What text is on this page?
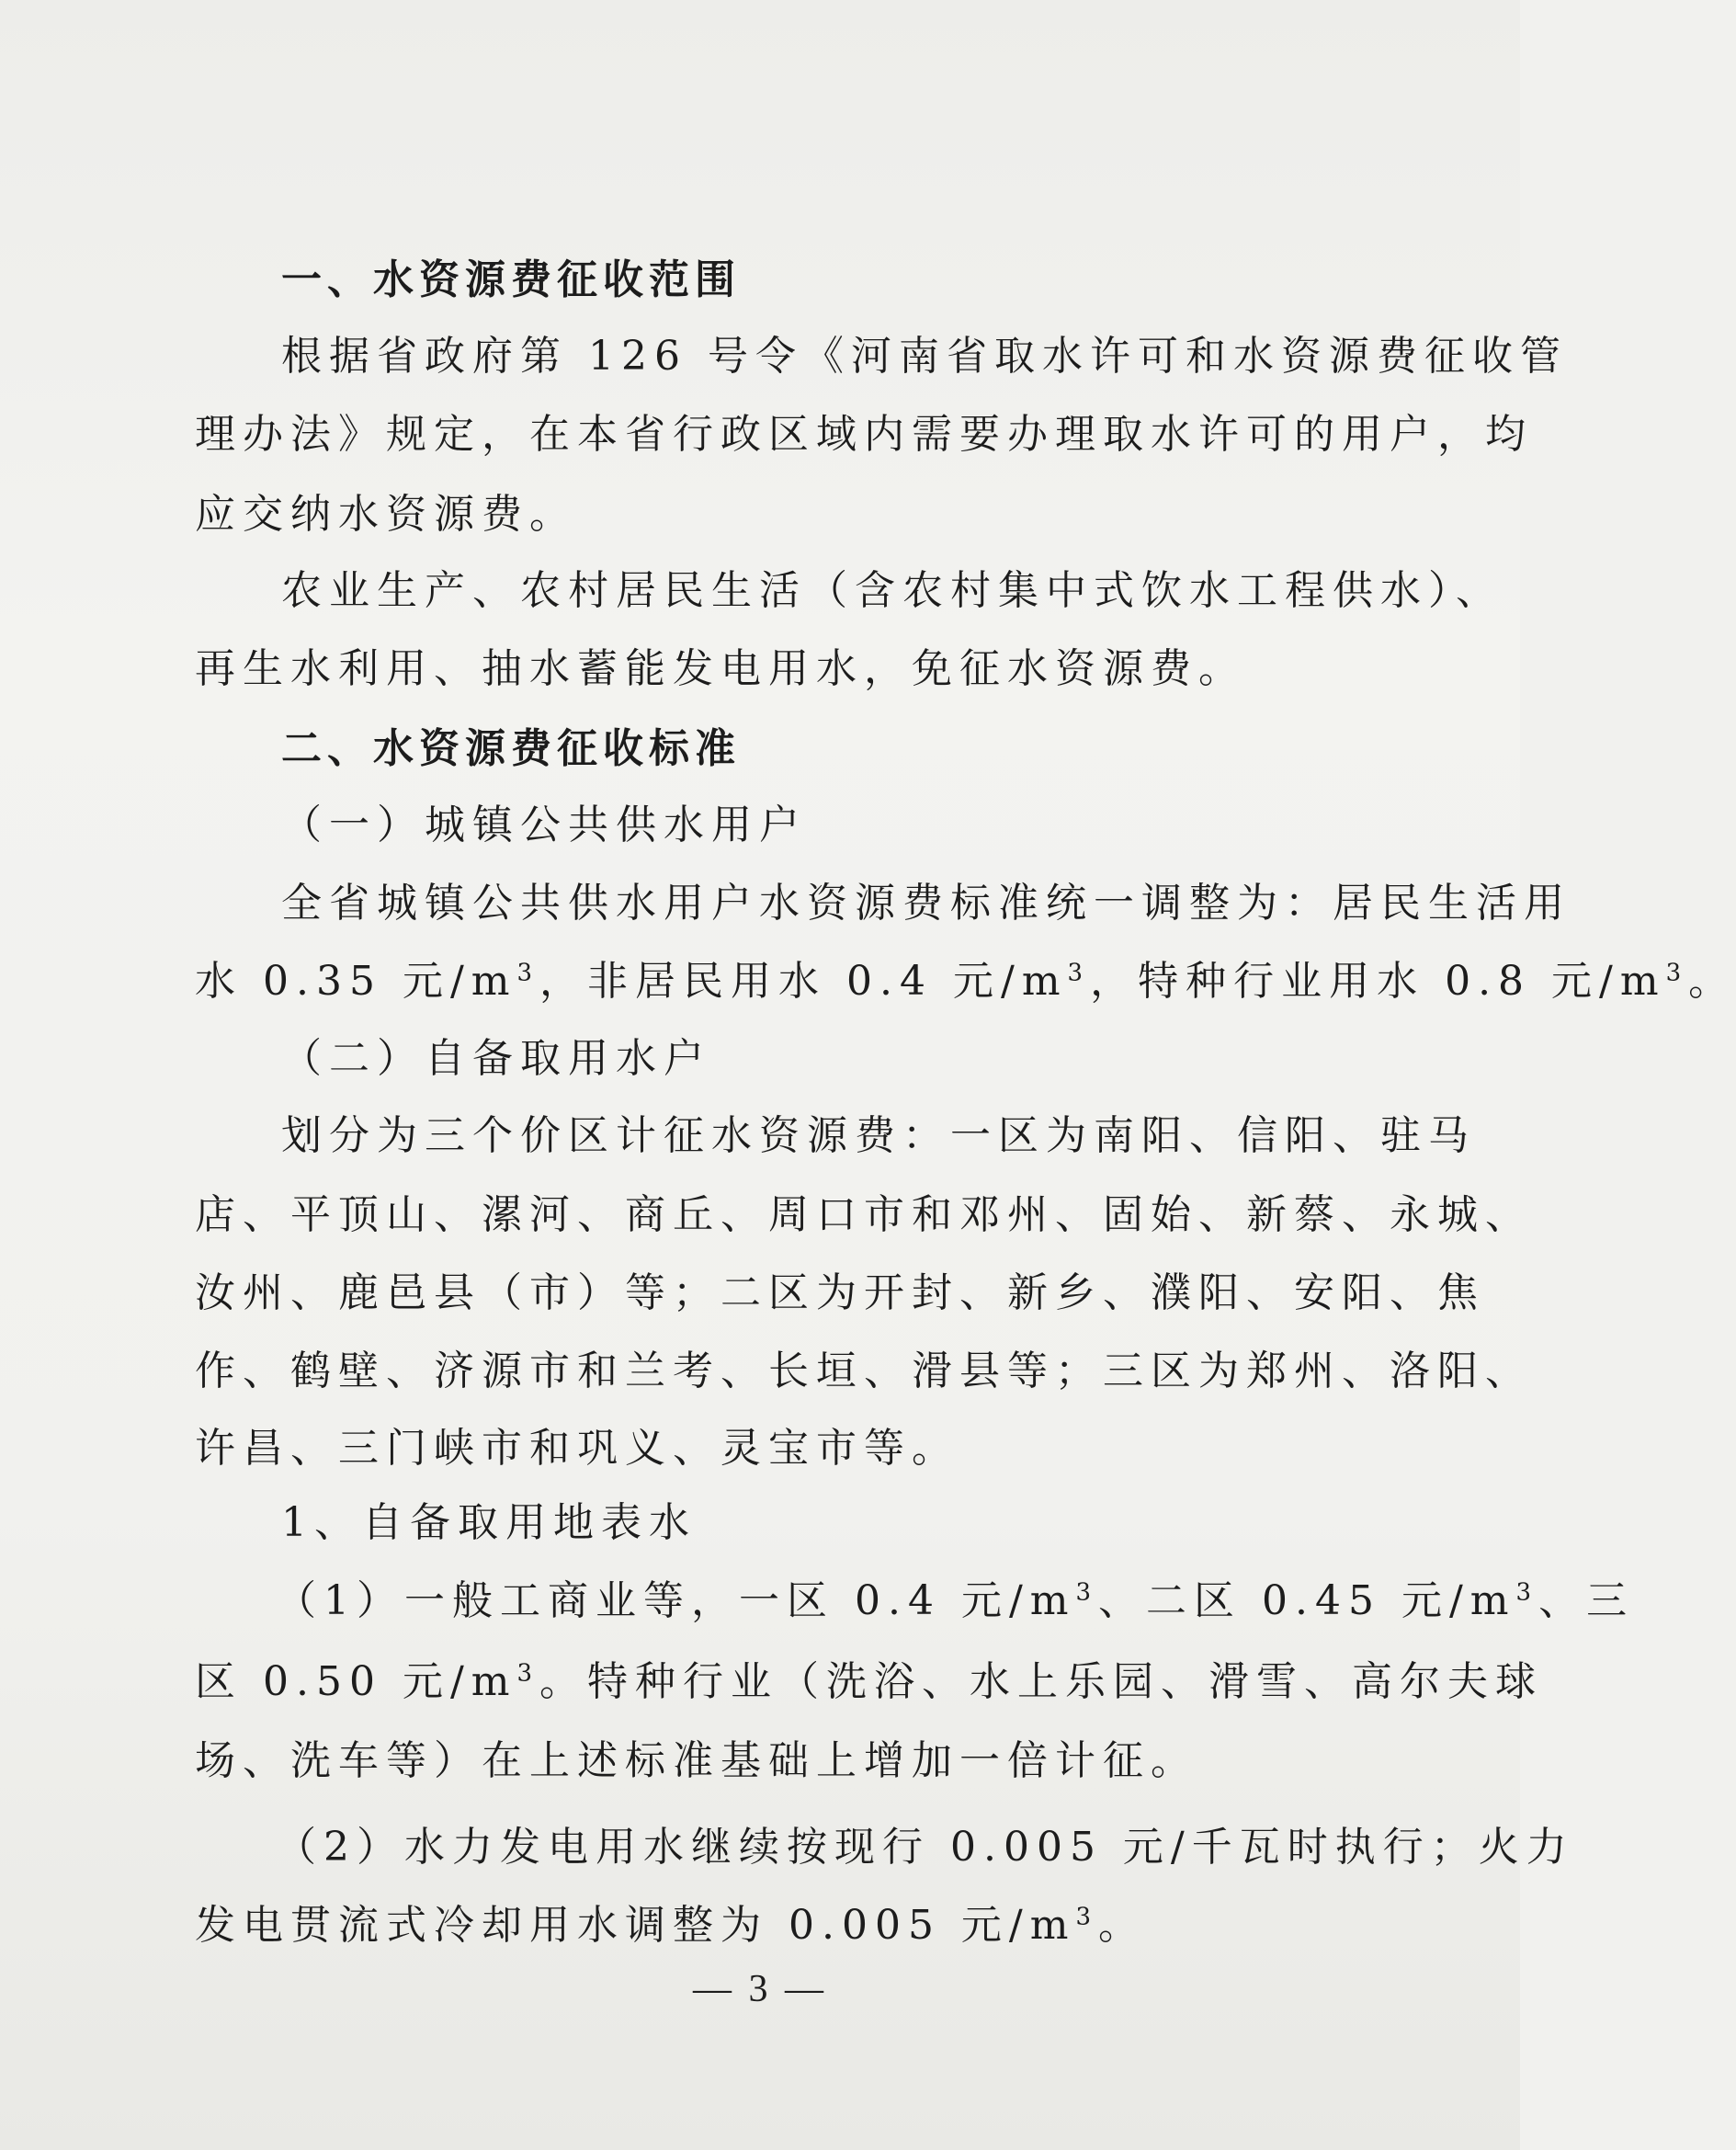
一、水资源费征收范围
根据省政府第 126 号令《河南省取水许可和水资源费征收管
理办法》规定，在本省行政区域内需要办理取水许可的用户，均
应交纳水资源费。
农业生产、农村居民生活（含农村集中式饮水工程供水）、
再生水利用、抽水蓄能发电用水，免征水资源费。
二、水资源费征收标准
（一）城镇公共供水用户
全省城镇公共供水用户水资源费标准统一调整为：居民生活用
水 0.35 元$/m^3$，非居民用水 0.4 元$/m^3$，特种行业用水 0.8 元$/m^3$。
（二）自备取用水户
划分为三个价区计征水资源费：一区为南阳、信阳、驻马
店、平顶山、漯河、商丘、周口市和邓州、固始、新蔡、永城、
汝州、鹿邑县（市）等；二区为开封、新乡、濮阳、安阳、焦
作、鹤壁、济源市和兰考、长垣、滑县等；三区为郑州、洛阳、
许昌、三门峡市和巩义、灵宝市等。
1、自备取用地表水
（1）一般工商业等，一区 0.4 元$/m^3$、二区 0.45 元$/m^3$、三
区 0.50 元$/m^3$。特种行业（洗浴、水上乐园、滑雪、高尔夫球
场、洗车等）在上述标准基础上增加一倍计征。
（2）水力发电用水继续按现行 0.005 元/千瓦时执行；火力
发电贯流式冷却用水调整为 0.005 元$/m^3$。
— 3 —
